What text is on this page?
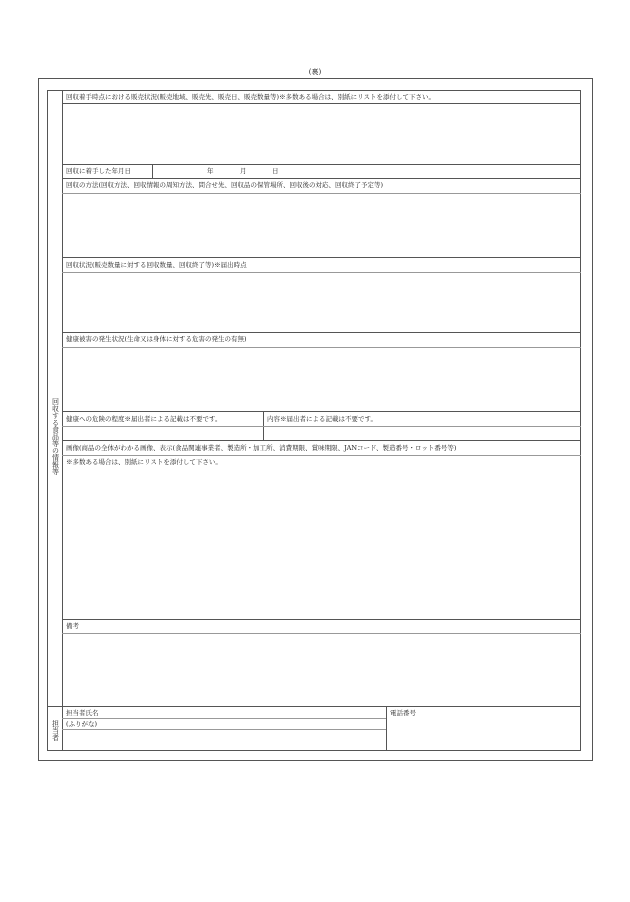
(裏)
回収する食品等の情報等
担当者
回収着手時点における販売状況(販売地域、販売先、販売日、販売数量等)※多数ある場合は、別紙にリストを添付して下さい。
回収に着手した年月日	年	月	日
回収の方法(回収方法、回収情報の周知方法、問合せ先、回収品の保管場所、回収後の対応、回収終了予定等)
回収状況(販売数量に対する回収数量、回収終了等)※届出時点
健康被害の発生状況(生命又は身体に対する危害の発生の有無)
健康への危険の程度※届出者による記載は不要です。	内容※届出者による記載は不要です。
画像(商品の全体がわかる画像、表示(食品関連事業者、製造所・加工所、消費期限、賞味期限、JANコード、製造番号・ロット番号等)
※多数ある場合は、別紙にリストを添付して下さい。
備考
担当者氏名	電話番号
(ふりがな)
